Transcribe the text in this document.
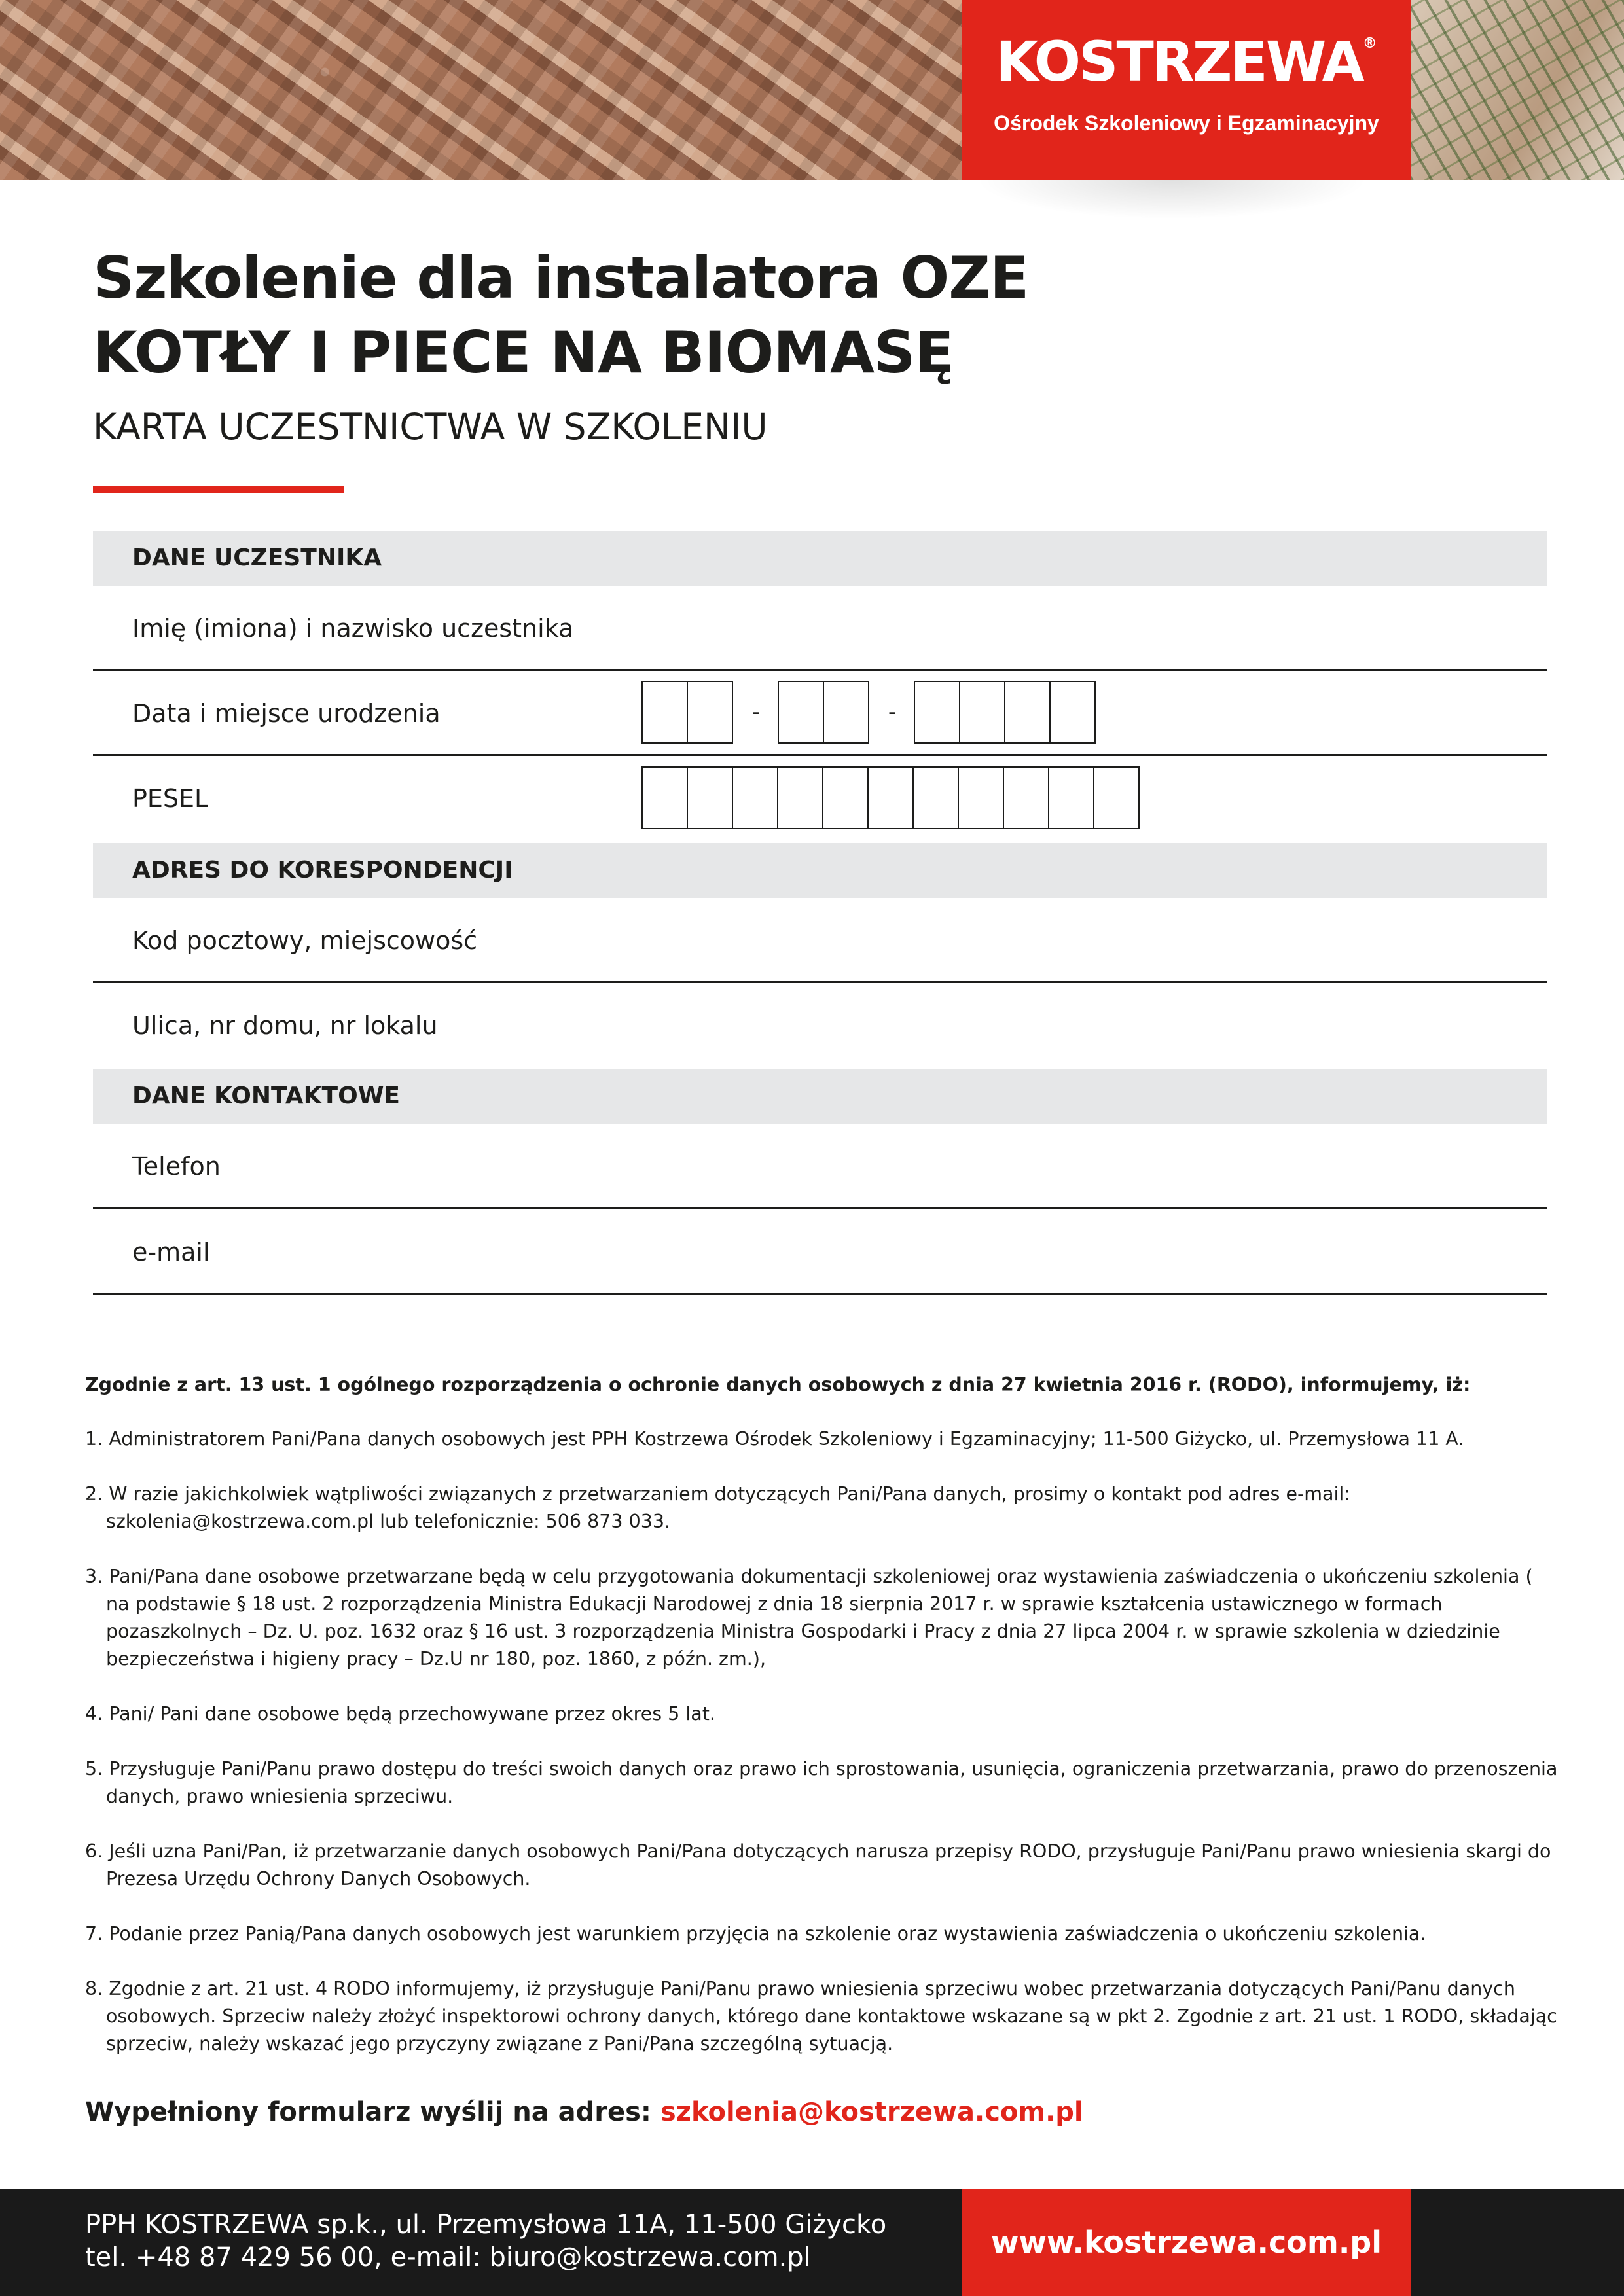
KOSTRZEWA®
Ośrodek Szkoleniowy i Egzaminacyjny
Szkolenie dla instalatora OZE
KOTŁY I PIECE NA BIOMASĘ
KARTA UCZESTNICTWA W SZKOLENIU
DANE UCZESTNIKA
Imię (imiona) i nazwisko uczestnika
Data i miejsce urodzenia	-	-
PESEL
ADRES DO KORESPONDENCJI
Kod pocztowy, miejscowość
Ulica, nr domu, nr lokalu
DANE KONTAKTOWE
Telefon
e-mail

Zgodnie z art. 13 ust. 1 ogólnego rozporządzenia o ochronie danych osobowych z dnia 27 kwietnia 2016 r. (RODO), informujemy, iż:

1. Administratorem Pani/Pana danych osobowych jest PPH Kostrzewa Ośrodek Szkoleniowy i Egzaminacyjny; 11-500 Giżycko, ul. Przemysłowa 11 A.

2. W razie jakichkolwiek wątpliwości związanych z przetwarzaniem dotyczących Pani/Pana danych, prosimy o kontakt pod adres e-mail: szkolenia@kostrzewa.com.pl lub telefonicznie: 506 873 033.

3. Pani/Pana dane osobowe przetwarzane będą w celu przygotowania dokumentacji szkoleniowej oraz wystawienia zaświadczenia o ukończeniu szkolenia ( na podstawie § 18 ust. 2 rozporządzenia Ministra Edukacji Narodowej z dnia 18 sierpnia 2017 r. w sprawie kształcenia ustawicznego w formach pozaszkolnych – Dz. U. poz. 1632 oraz § 16 ust. 3 rozporządzenia Ministra Gospodarki i Pracy z dnia 27 lipca 2004 r. w sprawie szkolenia w dziedzinie bezpieczeństwa i higieny pracy – Dz.U nr 180, poz. 1860, z późn. zm.),

4. Pani/ Pani dane osobowe będą przechowywane przez okres 5 lat.

5. Przysługuje Pani/Panu prawo dostępu do treści swoich danych oraz prawo ich sprostowania, usunięcia, ograniczenia przetwarzania, prawo do przenoszenia danych, prawo wniesienia sprzeciwu.

6. Jeśli uzna Pani/Pan, iż przetwarzanie danych osobowych Pani/Pana dotyczących narusza przepisy RODO, przysługuje Pani/Panu prawo wniesienia skargi do Prezesa Urzędu Ochrony Danych Osobowych.

7. Podanie przez Panią/Pana danych osobowych jest warunkiem przyjęcia na szkolenie oraz wystawienia zaświadczenia o ukończeniu szkolenia.

8. Zgodnie z art. 21 ust. 4 RODO informujemy, iż przysługuje Pani/Panu prawo wniesienia sprzeciwu wobec przetwarzania dotyczących Pani/Panu danych osobowych. Sprzeciw należy złożyć inspektorowi ochrony danych, którego dane kontaktowe wskazane są w pkt 2. Zgodnie z art. 21 ust. 1 RODO, składając sprzeciw, należy wskazać jego przyczyny związane z Pani/Pana szczególną sytuacją.

Wypełniony formularz wyślij na adres: szkolenia@kostrzewa.com.pl
PPH KOSTRZEWA sp.k., ul. Przemysłowa 11A, 11-500 Giżycko
tel. +48 87 429 56 00, e-mail: biuro@kostrzewa.com.pl	www.kostrzewa.com.pl
